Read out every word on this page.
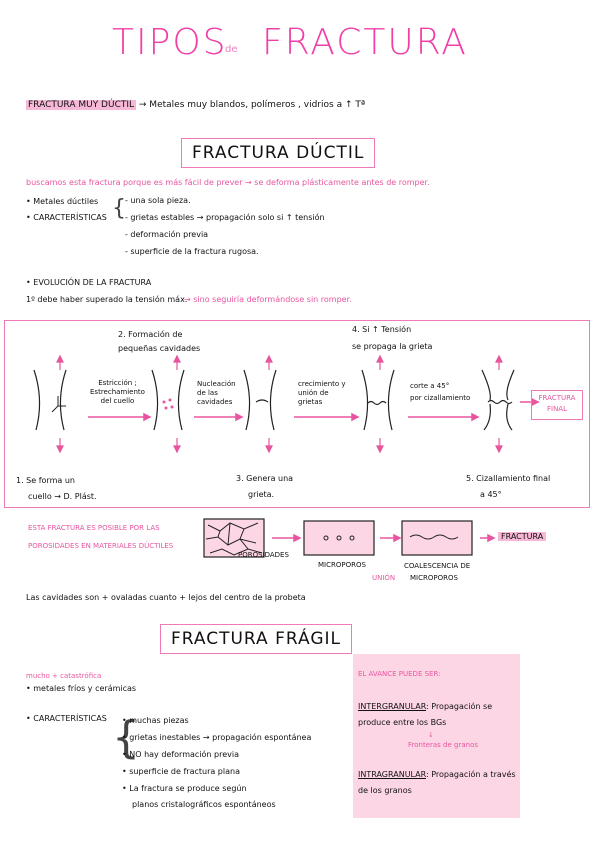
TIPOS
de FRACTURA
FRACTURA MUY DÚCTIL → Metales muy blandos, polímeros , vidrios a ↑ Tª
FRACTURA DÚCTIL
buscamos esta fractura porque es más fácil de prever → se deforma plásticamente antes de romper.
• Metales dúctiles
• CARACTERÍSTICAS { - una sola pieza.
- grietas estables → propagación solo si ↑ tensión
- deformación previa
- superficie de la fractura rugosa.
• EVOLUCIÓN DE LA FRACTURA
1º debe haber superado la tensión máx.
→ sino seguiría deformándose sin romper.
2. Formación de
pequeñas cavidades
4. Si ↑ Tensión
se propaga la grieta
Estricción ;
Estrechamiento
del cuello
Nucleación
de las
cavidades
crecimiento y
unión de
grietas
corte a 45°
por cizallamiento	FRACTURA
FINAL
1. Se forma un
cuello → D. Plást.
3. Genera una
grieta.
5. Cizallamiento final
a 45°
ESTA FRACTURA ES POSIBLE POR LAS
POROSIDADES EN MATERIALES DÚCTILES
POROSIDADES
MICROPOROS	COALESCENCIA DE
MICROPOROS
UNIÓN
FRACTURA
Las cavidades son + ovaladas cuanto + lejos del centro de la probeta
FRACTURA FRÁGIL
mucho + catastrófica
• metales fríos y cerámicas
• CARACTERÍSTICAS {
• muchas piezas
• grietas inestables → propagación espontánea
• NO hay deformación previa
• superficie de fractura plana
• La fractura se produce según
planos cristalográficos espontáneos
EL AVANCE PUEDE SER:
INTERGRANULAR: Propagación se
produce entre los BGs
↓
Fronteras de granos
INTRAGRANULAR: Propagación a través
de los granos
